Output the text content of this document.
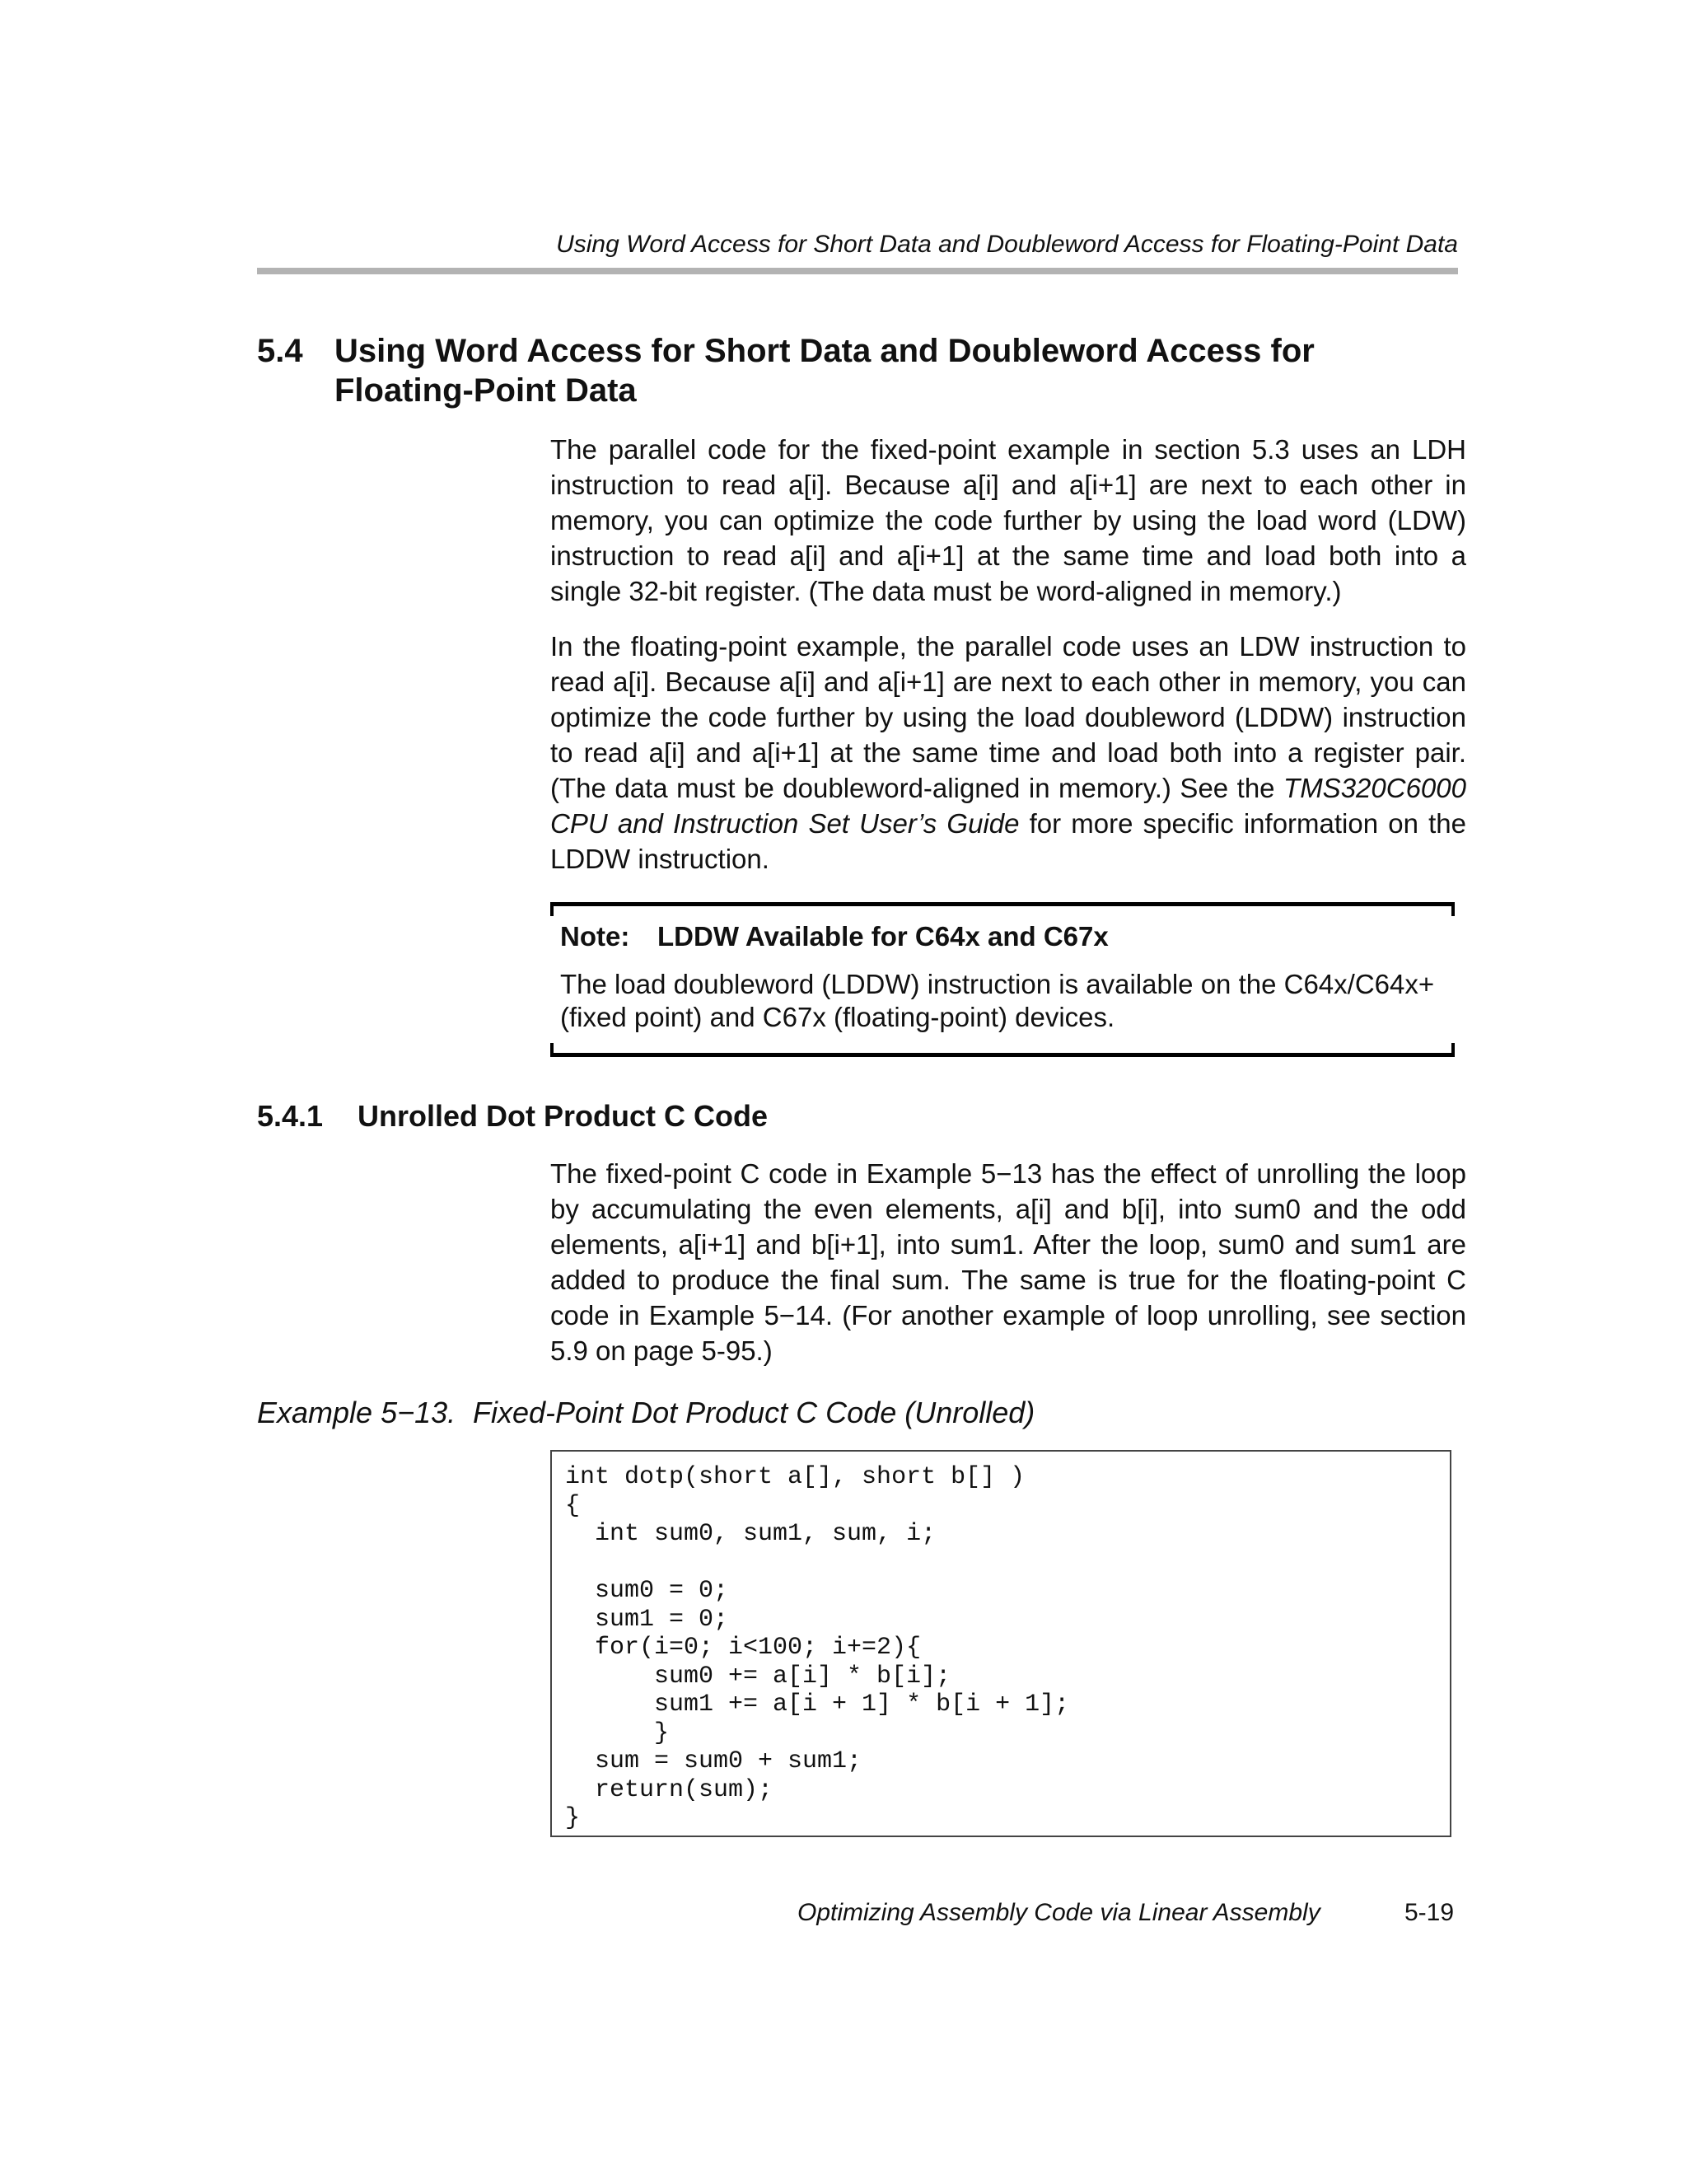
Using Word Access for Short Data and Doubleword Access for Floating-Point Data
5.4 Using Word Access for Short Data and Doubleword Access for Floating-Point Data

The parallel code for the fixed-point example in section 5.3 uses an LDH instruction to read a[i]. Because a[i] and a[i+1] are next to each other in memory, you can optimize the code further by using the load word (LDW) instruction to read a[i] and a[i+1] at the same time and load both into a single 32-bit register. (The data must be word-aligned in memory.)

In the floating-point example, the parallel code uses an LDW instruction to read a[i]. Because a[i] and a[i+1] are next to each other in memory, you can optimize the code further by using the load doubleword (LDDW) instruction to read a[i] and a[i+1] at the same time and load both into a register pair. (The data must be doubleword-aligned in memory.) See the TMS320C6000 CPU and Instruction Set User’s Guide for more specific information on the LDDW instruction.

Note: LDDW Available for C64x and C67x
The load doubleword (LDDW) instruction is available on the C64x/C64x+ (fixed point) and C67x (floating-point) devices.
5.4.1 Unrolled Dot Product C Code

The fixed-point C code in Example 5−13 has the effect of unrolling the loop by accumulating the even elements, a[i] and b[i], into sum0 and the odd elements, a[i+1] and b[i+1], into sum1. After the loop, sum0 and sum1 are added to produce the final sum. The same is true for the floating-point C code in Example 5−14. (For another example of loop unrolling, see section 5.9 on page 5-95.)

Example 5−13. Fixed-Point Dot Product C Code (Unrolled)
int dotp(short a[], short b[] )
{
int sum0, sum1, sum, i;

sum0 = 0;
sum1 = 0;
for(i=0; i<100; i+=2){
sum0 += a[i] * b[i];
sum1 += a[i + 1] * b[i + 1];
}
sum = sum0 + sum1;
return(sum);
}
Optimizing Assembly Code via Linear Assembly	5-19
